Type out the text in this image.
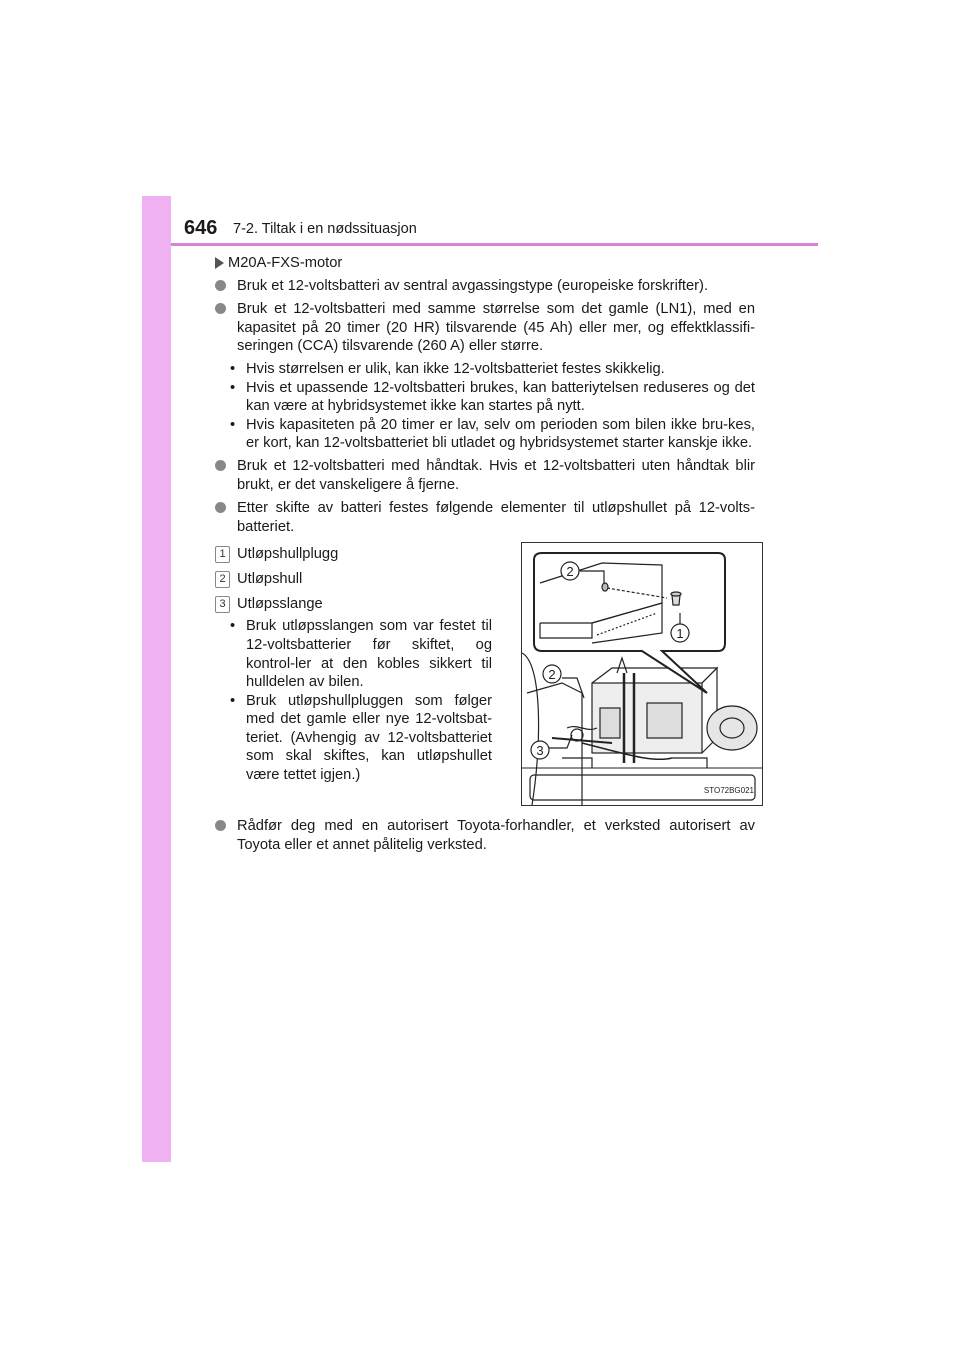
646 7-2. Tiltak i en nødssituasjon
M20A-FXS-motor
Bruk et 12-voltsbatteri av sentral avgassingstype (europeiske forskrifter).
Bruk et 12-voltsbatteri med samme størrelse som det gamle (LN1), med en kapasitet på 20 timer (20 HR) tilsvarende (45 Ah) eller mer, og effektklassifi-seringen (CCA) tilsvarende (260 A) eller større.
• Hvis størrelsen er ulik, kan ikke 12-voltsbatteriet festes skikkelig.
• Hvis et upassende 12-voltsbatteri brukes, kan batteriytelsen reduseres og det kan være at hybridsystemet ikke kan startes på nytt.
• Hvis kapasiteten på 20 timer er lav, selv om perioden som bilen ikke bru-kes, er kort, kan 12-voltsbatteriet bli utladet og hybridsystemet starter kanskje ikke.
Bruk et 12-voltsbatteri med håndtak. Hvis et 12-voltsbatteri uten håndtak blir brukt, er det vanskeligere å fjerne.
Etter skifte av batteri festes følgende elementer til utløpshullet på 12-volts-batteriet.
1 Utløpshullplugg
2 Utløpshull
3 Utløpsslange
• Bruk utløpsslangen som var festet til 12-voltsbatterier før skiftet, og kontrol-ler at den kobles sikkert til hulldelen av bilen.
• Bruk utløpshullpluggen som følger med det gamle eller nye 12-voltsbat-teriet. (Avhengig av 12-voltsbatteriet som skal skiftes, kan utløpshullet være tettet igjen.)
2
1
2
3
STO72BG021
Rådfør deg med en autorisert Toyota-forhandler, et verksted autorisert av Toyota eller et annet pålitelig verksted.
